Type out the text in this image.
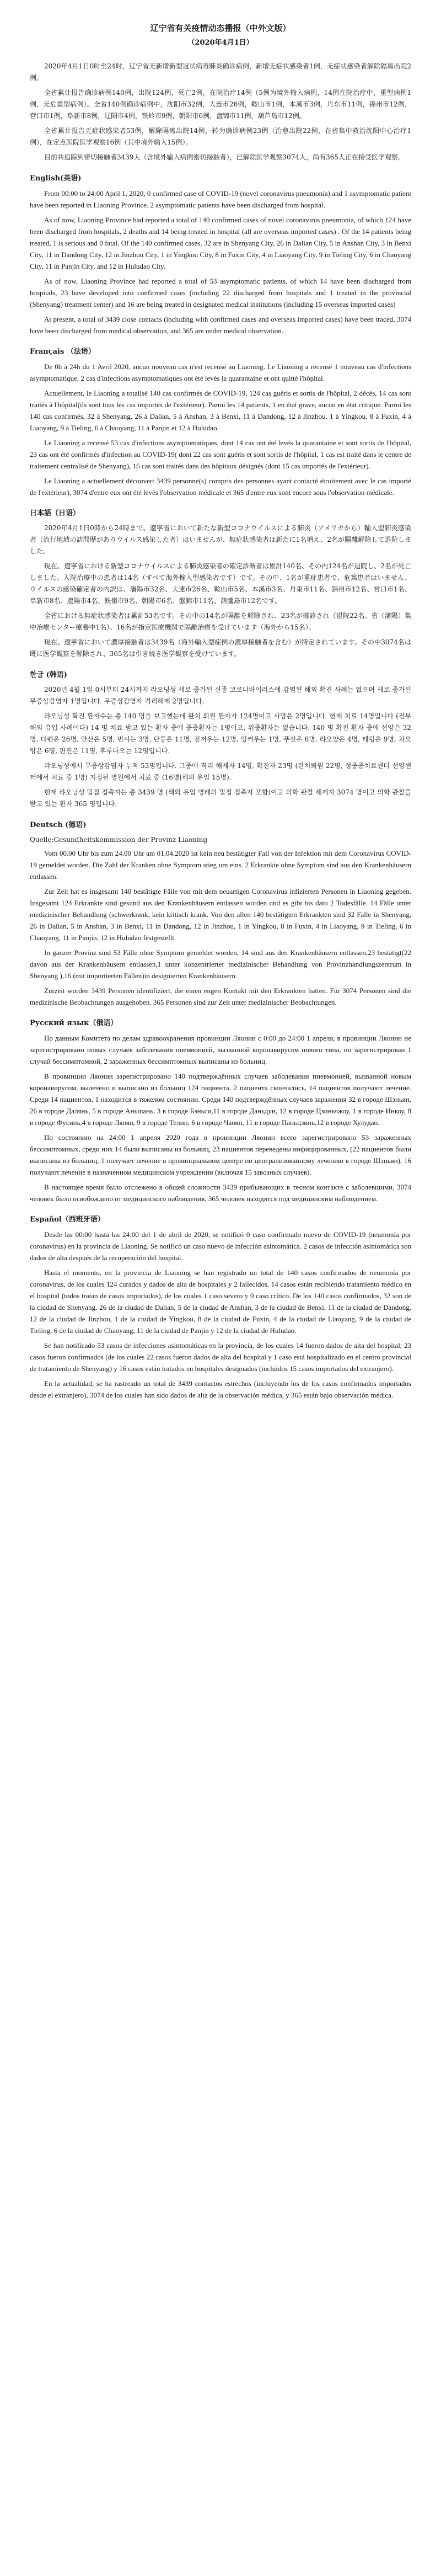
辽宁省有关疫情动态播报（中外文版）
（2020年4月1日）

2020年4月1日0时至24时，辽宁省无新增新型冠状病毒肺炎确诊病例，新增无症状感染者1例，无症状感染者解除隔离出院2例。

全省累计报告确诊病例140例，出院124例，死亡2例，在院治疗14例（5例为境外输入病例，14例在院治疗中，重型病例1例，无危重型病例）。全省140例确诊病例中，沈阳市32例，大连市26例，鞍山市1例，本溪市3例，丹东市11例，锦州市12例，营口市1例，阜新市8例，辽阳市4例，铁岭市9例，朝阳市6例，盘锦市11例，葫芦岛市12例。

全省累计报告无症状感染者53例，解除隔离出院14例，转为确诊病例23例（治愈出院22例，在省集中救治沈阳中心治疗1例），在定点医院医学观察16例（其中境外输入15例）。

目前共追踪到密切接触者3439人（含境外输入病例密切接触者），已解除医学观察3074人，尚有365人正在接受医学观察。

English(英语)

From 00:00 to 24:00 April 1, 2020, 0 confirmed case of COVID-19 (novel coronavirus pneumonia) and 1 asymptomatic patient have been reported in Liaoning Province. 2 asymptomatic patients have been discharged from hospital.

As of now, Liaoning Province had reported a total of 140 confirmed cases of novel coronavirus pneumonia, of which 124 have been discharged from hospitals, 2 deaths and 14 being treated in hospital (all are overseas imported cases) . Of the 14 patients being treated, 1 is serious and 0 fatal. Of the 140 confirmed cases, 32 are in Shenyang City, 26 in Dalian City, 5 in Anshan City, 3 in Benxi City, 11 in Dandong City, 12 in Jinzhou City, 1 in Yingkou City, 8 in Fuxin City, 4 in Liaoyang City, 9 in Tieling City, 6 in Chaoyang City, 11 in Panjin City, and 12 in Huludao City.

As of now, Liaoning Province had reported a total of 53 asymptomatic patients, of which 14 have been discharged from hospitals, 23 have developed into confirmed cases (including 22 discharged from hospitals and 1 treated in the provincial (Shenyang) treatment center) and 16 are being treated in designated medical institutions (including 15 overseas imported cases)

At present, a total of 3439 close contacts (including with confirmed cases and overseas imported cases) have been traced, 3074 have been discharged from medical observation, and 365 are under medical observation.

Français （法语）

De 0h à 24h du 1 Avril 2020, aucun nouveau cas n'est recensé au Liaoning. Le Liaoning a recensé 1 nouveau cas d'infections asymptomatique, 2 cas d'infections asymptomatiques ont été levés la quarantaine et ont quitté l'hôpital.

Actuellement, le Liaoning a totalisé 140 cas confirmés de COVID-19, 124 cas guéris et sortis de l'hôpital, 2 décès, 14 cas sont traités à l'hôpital(ils sont tous les cas importés de l'extérieur). Parmi les 14 patients, 1 en état grave, aucun en état critique. Parmi les 140 cas confirmés, 32 à Shenyang, 26 à Dalian, 5 à Anshan, 3 à Benxi, 11 à Dandong, 12 à Jinzhou, 1 à Yingkou, 8 à Fuxin, 4 à Liaoyang, 9 à Tieling, 6 à Chaoyang, 11 à Panjin et 12 à Huludao.

Le Liaoning a recensé 53 cas d'infections asymptomatiques, dont 14 cas ont été levés la quarantaine et sont sortis de l'hôpital, 23 cas ont été confirmés d'infection au COVID-19( dont 22 cas sont guéris et sont sortis de l'hôpital, 1 cas est traité dans le centre de traitement centralisé de Shenyang), 16 cas sont traités dans des hôpitaux désignés (dont 15 cas importés de l'extérieur).

Le Liaoning a actuellement découvert 3439 personne(s) compris des personnes ayant contacté étroitement avec le cas importé de l'extérieur), 3074 d'entre eux ont été levés l'observation médicale et 365 d'entre eux sont encore sous l'observation médicale.

日本語（日语）

2020年4月1日0時から24時まで、遼寧省において新たな新型コロナウイルスによる肺炎（アメリカから）輸入型肺炎感染者（流行地域の訪問歴がありウイルス感染した者）はいませんが、無症状感染者は新たに1名増え、2名が隔離解除して退院しました。

現在、遼寧省における新型コロナウイルスによる肺炎感染者の確定診断者は累計140名、その内124名が退院し、2名が死亡しました。入院治療中の患者は14名（すべて海外輸入型感染者です）です。その中、1名が重症患者で、危篤患者はいません。ウイルスの感染確定者の内訳は、瀋陽市32名、大連市26名、鞍山市5名、本溪市3名、丹東市11名、錦州市12名、営口市1名、阜新市8名、遼陽市4名、鉄嶺市9名、朝陽市6名、盤錦市11名、葫蘆島市12名です。

全省における無症状感染者は累計53名です。その中の14名が隔離を解除され、23名が確診され（退院22名、省（瀋陽）集中治療センター療養中1名）、16名が指定医療機関で隔離治療を受けています（海外から15名）。

現在、遼寧省において濃厚接触者は3439名（海外輸入型症例の濃厚接触者を含む）が特定されています。その中3074名は既に医学観察を解除され、365名は引き続き医学観察を受けています。

한글 (韩语)

2020년 4월 1일 0시부터 24시까지 랴오닝성 새로 증가된 신종 코로나바이러스에 감염된 해외 확진 사례는 없으며 새로 증가된 무증상감염자 1명입니다. 무증상감염자 격리해제 2명입니다.

랴오닝성 확진 환자수는 총 140 명을 보고했는데 완치 퇴원 환자가 124명이고 사망은 2명입니다. 현재 치료 14명입니다 (전부 해외 유입 사례이다) 14 명 치료 받고 있는 환자 중에 중증환자는 1명이고, 위중환자는 없습니다. 140 명 확진 환자 중에 선양은 32명, 다롄은 26명, 안산은 5명, 번시는 3명, 단둥은 11명, 진저우는 12명, 잉커우는 1명, 푸신은 8명, 랴오양은 4명, 톄링은 9명, 차오양은 6명, 판진은 11명, 후루다오는 12명입니다.

랴오닝성에서 무증상감염자 누적 53명입니다. 그중에 격리 해제자 14명, 확진자 23명 (완치퇴원 22명, 성중증치료센터 선양센터에서 치료 중 1명) 지정된 병원에서 치료 중 (16명(해외 유입 15명).

현재 랴오닝성 밀접 접촉자는 총 3439 명 (해외 유입 병례의 밀접 접촉자 포함)이고 의학 관찰 해제자 3074 명이고 의학 관찰을 받고 있는 환자 365 명입니다.

Deutsch (德语)
Quelle:Gesundheitskommission der Provinz Liaoning

Vom 00.00 Uhr bis zum 24.00 Uhr am 01.04.2020 ist kein neu bestätigter Fall von der Infektion mit dem Coronavirus COVID-19 gemeldet worden. Die Zahl der Kranken ohne Symptom stieg um eins. 2 Erkrankte ohne Symptom sind aus den Krankenhäusern entlassen.

Zur Zeit hat es insgesamt 140 bestätigte Fälle von mit dem neuartigen Coronavirus infizierten Personen in Liaoning gegeben. Insgesamt 124 Erkrankte sind gesund aus den Krankenhäusern entlassen worden und es gibt bis dato 2 Todesfälle. 14 Fälle unter medizinischer Behandlung (schwerkrank, kein kritisch krank. Von den allen 140 bestätigten Erkrankten sind 32 Fälle in Shenyang, 26 in Dalian, 5 in Anshan, 3 in Benxi, 11 in Dandong, 12 in Jinzhou, 1 in Yingkou, 8 in Fuxin, 4 in Liaoyang, 9 in Tieling, 6 in Chaoyang, 11 in Panjin, 12 in Huludao festgestellt.

In ganzer Provinz sind 53 Fälle ohne Symptom gemeldet worden, 14 sind aus den Krankenhäusern entlassen,23 bestätigt(22 davon aus der Krankenhäusern entlassen,1 unter konzentrierter medizinischer Behandlung von Provinzhandlungszentrum in Shenyang ),16 (mit importierten Fällen)in designierten Krankenhäusern.

Zurzeit wurden 3439 Personen identifiziert, die einen engen Kontakt mit den Erkrankten hatten. Für 3074 Personen sind die medizinische Beobachtungen ausgehoben. 365 Personen sind zur Zeit unter medizinischer Beobachtungen.

Русский язык（俄语）

По данным Комитета по делам здравоохранения провинции Ляонин с 0:00 до 24:00 1 апреля, в провинции Ляонин не зарегистрировано новых случаев заболевания пневмонией, вызванной коронавирусом нового типа, но зарегистрирован 1 случай бессимптомной, 2 зараженных бессимптомных выписаны из больниц.

В провинции Ляонин зарегистрировано 140 подтверждённых случаев заболевания пневмонией, вызванной новым коронавирусом, вылечено и выписано из больниц 124 пациента, 2 пациента скончались, 14 пациентов получают лечение. Среди 14 пациентов, 1 находится в тяжелом состоянии. Среди 140 подтверждённых случаев заражения 32 в городе Шэньян, 26 в городе Далянь, 5 в городе Аньшань, 3 в городе Бэньси,11 в городе Даньдун, 12 в городе Цзиньчжоу, 1 в городе Инкоу, 8 в городе Фусинь,4 в городе Ляоян, 9 в городе Телин, 6 в городе Чаоян, 11 в городе Паньцзинь,12 в городе Хулудао.

По состоянию на 24:00 1 апреля 2020 года в провинции Ляонин всего зарегистрировано 53 зараженных бессимптомных, среди них 14 были выписаны из больниц, 23 пациентов переведены инфицированных, (22 пациентов были выписаны из больниц, 1 получает лечение в провинциальном центре по централизованному лечению в городе Шэньян), 16 получают лечение в назначенном медицинском учреждении (включая 15 завозных случаев).

В настоящее время было отслежено в общей сложности 3439 прибывающих в тесном контакте с заболевшими, 3074 человек было освобождено от медицинского наблюдения, 365 человек находятся под медицинским наблюдением.

Español（西班牙语）

Desde las 00:00 hasta las 24:00 del 1 de abril de 2020, se notificó 0 caso confirmado nuevo de COVID-19 (neumonía por coronavirus) en la provincia de Liaoning. Se notificó un caso nuevo de infección asintomática. 2 casos de infección asintomática son dados de alta después de la recuperación del hospital.

Hasta el momento, en la provincia de Liaoning se han registrado un total de 140 casos confirmados de neumonía por coronavirus, de los cuales 124 curados y dados de alta de hospitales y 2 fallecidos. 14 casos están recibiendo tratamiento médico en el hospital (todos tratan de casos importados), de los cuales 1 caso severo y 0 caso crítico. De los 140 casos confirmados, 32 son de la ciudad de Shenyang, 26 de la ciudad de Dalian, 5 de la ciudad de Anshan, 3 de la ciudad de Benxi, 11 de la ciudad de Dandong, 12 de la ciudad de Jinzhou, 1 de la ciudad de Yingkou, 8 de la ciudad de Fuxin, 4 de la ciudad de Liaoyang, 9 de la ciudad de Tieling, 6 de la ciudad de Chaoyang, 11 de la ciudad de Panjin y 12 de la ciudad de Huludao.

Se han notificado 53 casos de infecciones asintomáticas en la provincia, de los cuales 14 fueron dados de alta del hospital, 23 casos fueron confirmados (de los cuales 22 casos fueron dados de alta del hospital y 1 caso está hospitalizado en el centro provincial de tratamiento de Shenyang) y 16 casos están tratados en hospitales designados (incluidos 15 casos importados del extranjero).

En la actualidad, se ha rastreado un total de 3439 contactos estrechos (incluyendo los de los casos confirmados importados desde el extranjero), 3074 de los cuales han sido dados de alta de la observación médica, y 365 están bajo observación médica.
